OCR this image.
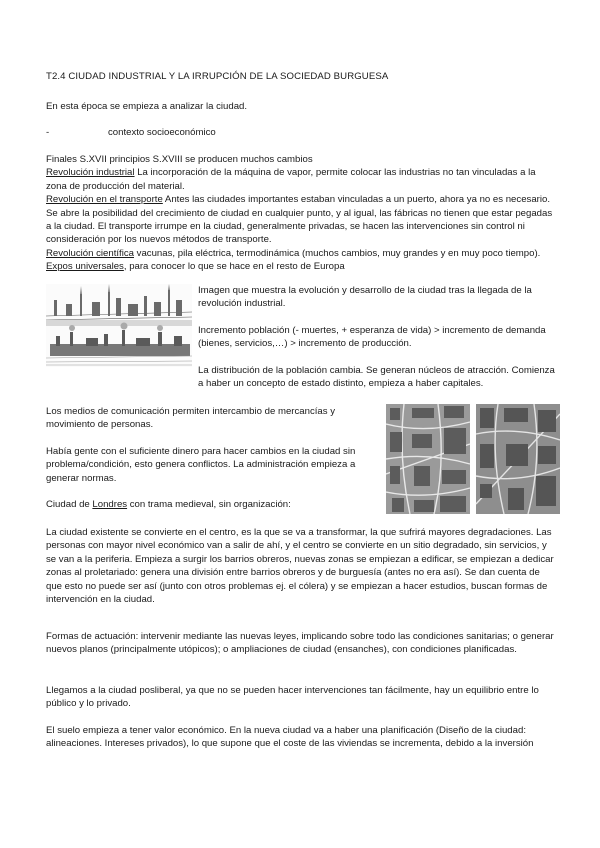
T2.4 CIUDAD INDUSTRIAL Y LA IRRUPCIÓN DE LA SOCIEDAD BURGUESA

En esta época se empieza a analizar la ciudad.

-	contexto socioeconómico
Finales S.XVII principios S.XVIII se producen muchos cambios
Revolución industrial La incorporación de la máquina de vapor, permite colocar las industrias no tan vinculadas a la zona de producción del material.
Revolución en el transporte Antes las ciudades importantes estaban vinculadas a un puerto, ahora ya no es necesario. Se abre la posibilidad del crecimiento de ciudad en cualquier punto, y al igual, las fábricas no tienen que estar pegadas a la ciudad. El transporte irrumpe en la ciudad, generalmente privadas, se hacen las intervenciones sin control ni consideración por los nuevos métodos de transporte.
Revolución científica vacunas, pila eléctrica, termodinámica (muchos cambios, muy grandes y en muy poco tiempo). Expos universales, para conocer lo que se hace en el resto de Europa

Imagen que muestra la evolución y desarrollo de la ciudad tras la llegada de la revolución industrial.

Incremento población (- muertes, + esperanza de vida) > incremento de demanda (bienes, servicios,…) > incremento de producción.

La distribución de la población cambia. Se generan núcleos de atracción. Comienza a haber un concepto de estado distinto, empieza a haber capitales.

Los medios de comunicación permiten intercambio de mercancías y movimiento de personas.

Había gente con el suficiente dinero para hacer cambios en la ciudad sin problema/condición, esto genera conflictos. La administración empieza a generar normas.

Ciudad de Londres con trama medieval, sin organización:

La ciudad existente se convierte en el centro, es la que se va a transformar, la que sufrirá mayores degradaciones. Las personas con mayor nivel económico van a salir de ahí, y el centro se convierte en un sitio degradado, sin servicios, y se van a la periferia. Empieza a surgir los barrios obreros, nuevas zonas se empiezan a edificar, se empiezan a dedicar zonas al proletariado: genera una división entre barrios obreros y de burguesía (antes no era así). Se dan cuenta de que esto no puede ser así (junto con otros problemas ej. el cólera) y se empiezan a hacer estudios, buscan formas de intervención en la ciudad.
Formas de actuación: intervenir mediante las nuevas leyes, implicando sobre todo las condiciones sanitarias; o generar nuevos planos (principalmente utópicos); o ampliaciones de ciudad (ensanches), con condiciones planificadas.
Llegamos a la ciudad posliberal, ya que no se pueden hacer intervenciones tan fácilmente, hay un equilibrio entre lo público y lo privado.
El suelo empieza a tener valor económico. En la nueva ciudad va a haber una planificación (Diseño de la ciudad: alineaciones. Intereses privados), lo que supone que el coste de las viviendas se incrementa, debido a la inversión
